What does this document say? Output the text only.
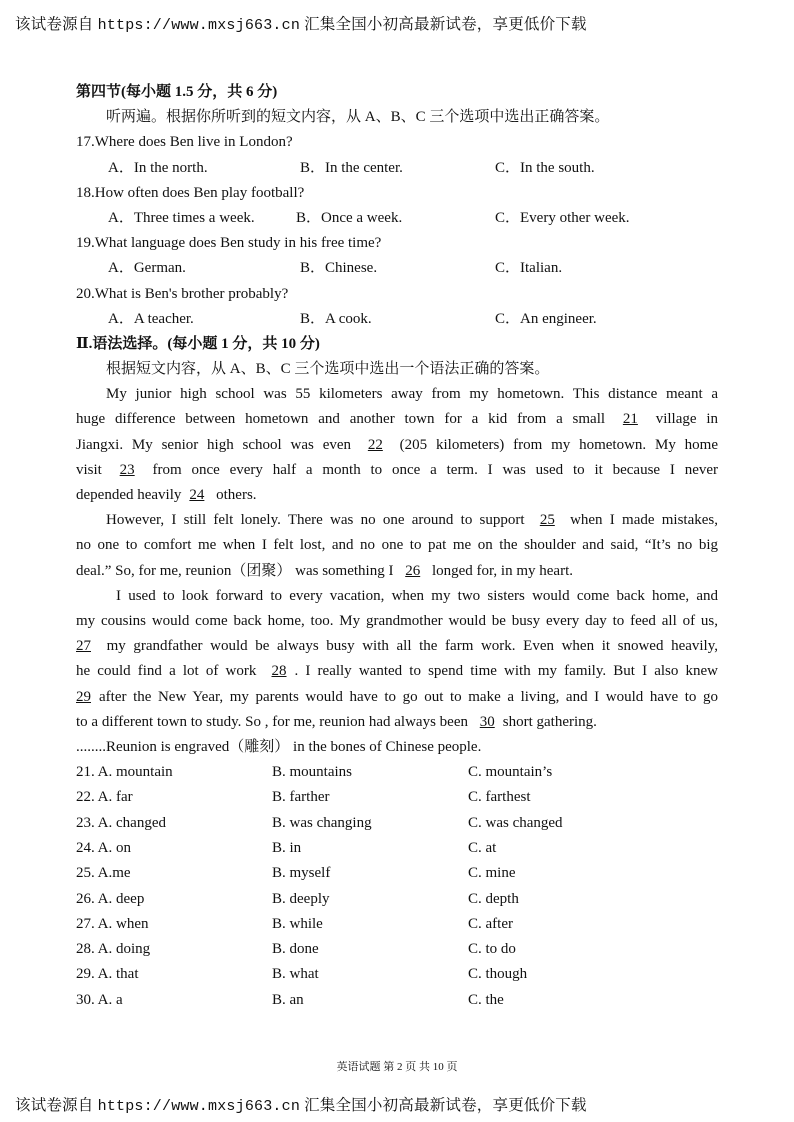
该试卷源自 https://www.mxsj663.cn 汇集全国小初高最新试卷，享更低价下载
第四节(每小题 1.5 分，共 6 分)
听两遍。根据你所听到的短文内容，从 A、B、C 三个选项中选出正确答案。
17.Where does Ben live in London?
A．In the north.	B．In the center.	C．In the south.
18.How often does Ben play football?
A．Three times a week.	B．Once a week.	C．Every other week.
19.What language does Ben study in his free time?
A．German.	B．Chinese.	C．Italian.
20.What is Ben's brother probably?
A．A teacher.	B．A cook.	C．An engineer.
Ⅱ.语法选择。(每小题 1 分，共 10 分)
根据短文内容，从 A、B、C 三个选项中选出一个语法正确的答案。
My junior high school was 55 kilometers away from my hometown. This distance meant a
huge difference between hometown and another town for a kid from a small 21 village in
Jiangxi. My senior high school was even 22 (205 kilometers) from my hometown. My home
visit 23 from once every half a month to once a term. I was used to it because I never
depended heavily 24 others.
However, I still felt lonely. There was no one around to support 25 when I made mistakes,
no one to comfort me when I felt lost, and no one to pat me on the shoulder and said, “It’s no big
deal.” So, for me, reunion（团聚） was something I 26 longed for, in my heart.
I used to look forward to every vacation, when my two sisters would come back home, and
my cousins would come back home, too. My grandmother would be busy every day to feed all of us,
27 my grandfather would be always busy with all the farm work. Even when it snowed heavily,
he could find a lot of work 28 . I really wanted to spend time with my family. But I also knew
29 after the New Year, my parents would have to go out to make a living, and I would have to go
to a different town to study. So , for me, reunion had always been 30 short gathering.
........Reunion is engraved（雕刻） in the bones of Chinese people.
21. A. mountain	B. mountains	C. mountain’s
22. A. far	B. farther	C. farthest
23. A. changed	B. was changing	C. was changed
24. A. on	B. in	C. at
25. A.me	B. myself	C. mine
26. A. deep	B. deeply	C. depth
27. A. when	B. while	C. after
28. A. doing	B. done	C. to do
29. A. that	B. what	C. though
30. A. a	B. an	C. the
英语试题 第 2 页 共 10 页
该试卷源自 https://www.mxsj663.cn 汇集全国小初高最新试卷，享更低价下载
